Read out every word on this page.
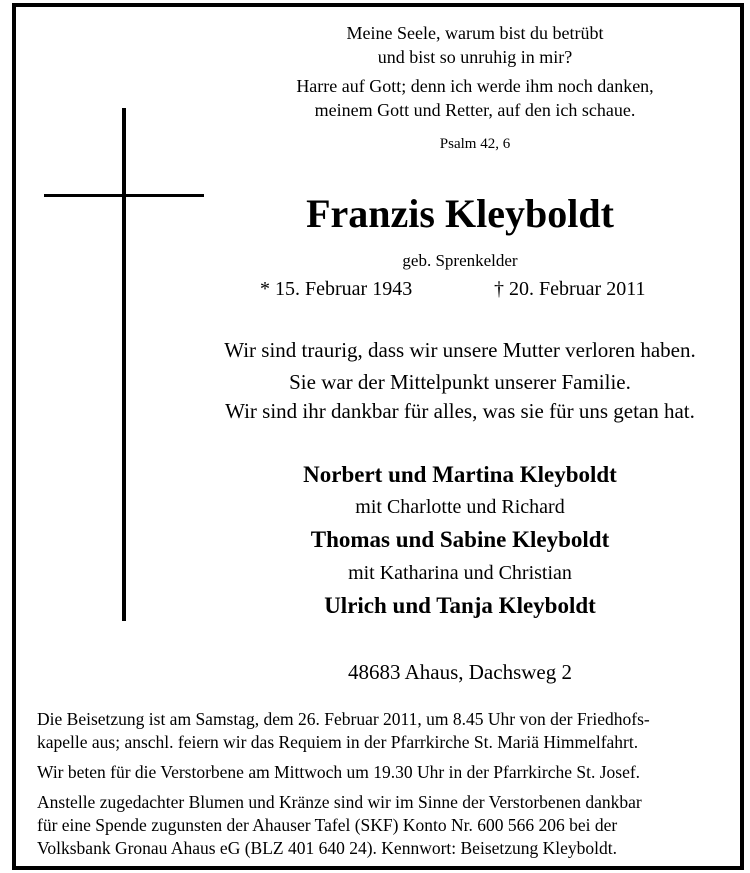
Meine Seele, warum bist du betrübt
und bist so unruhig in mir?
Harre auf Gott; denn ich werde ihm noch danken,
meinem Gott und Retter, auf den ich schaue.
Psalm 42, 6
Franzis Kleyboldt
geb. Sprenkelder
* 15. Februar 1943	† 20. Februar 2011
Wir sind traurig, dass wir unsere Mutter verloren haben.
Sie war der Mittelpunkt unserer Familie.
Wir sind ihr dankbar für alles, was sie für uns getan hat.
Norbert und Martina Kleyboldt
mit Charlotte und Richard
Thomas und Sabine Kleyboldt
mit Katharina und Christian
Ulrich und Tanja Kleyboldt
48683 Ahaus, Dachsweg 2
Die Beisetzung ist am Samstag, dem 26. Februar 2011, um 8.45 Uhr von der Friedhofs-
kapelle aus; anschl. feiern wir das Requiem in der Pfarrkirche St. Mariä Himmelfahrt.
Wir beten für die Verstorbene am Mittwoch um 19.30 Uhr in der Pfarrkirche St. Josef.
Anstelle zugedachter Blumen und Kränze sind wir im Sinne der Verstorbenen dankbar
für eine Spende zugunsten der Ahauser Tafel (SKF) Konto Nr. 600 566 206 bei der
Volksbank Gronau Ahaus eG (BLZ 401 640 24). Kennwort: Beisetzung Kleyboldt.
